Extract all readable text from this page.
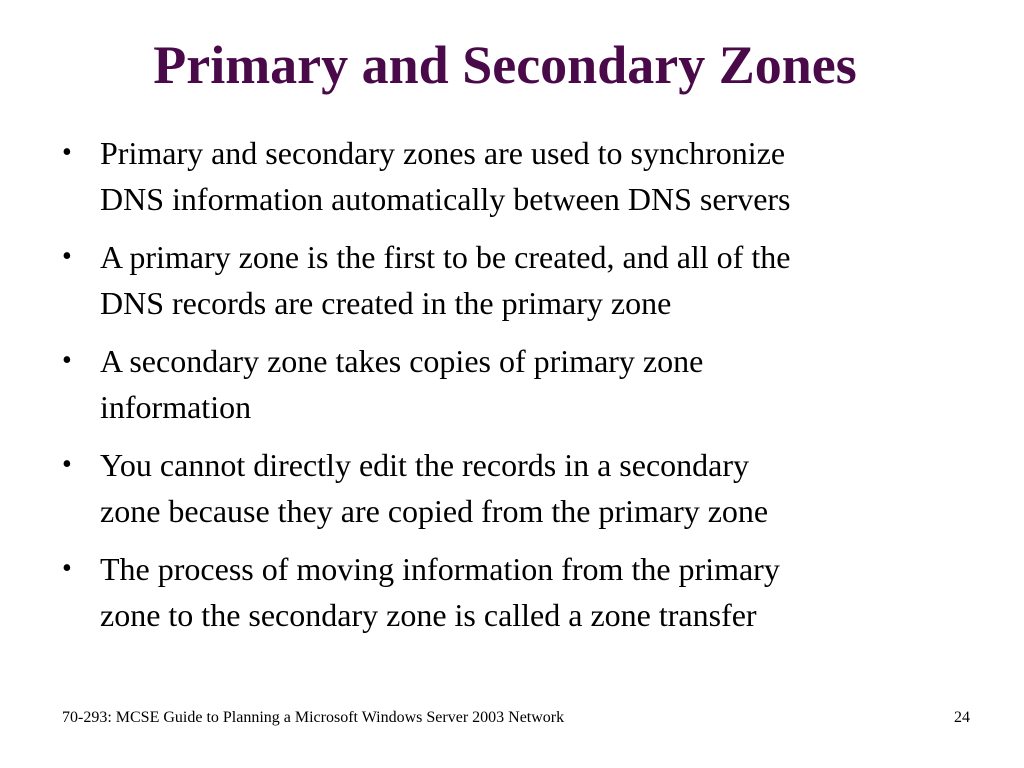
Primary and Secondary Zones
• Primary and secondary zones are used to synchronize
DNS information automatically between DNS servers
• A primary zone is the first to be created, and all of the
DNS records are created in the primary zone
• A secondary zone takes copies of primary zone
information
• You cannot directly edit the records in a secondary
zone because they are copied from the primary zone
• The process of moving information from the primary
zone to the secondary zone is called a zone transfer
70-293: MCSE Guide to Planning a Microsoft Windows Server 2003 Network	24
